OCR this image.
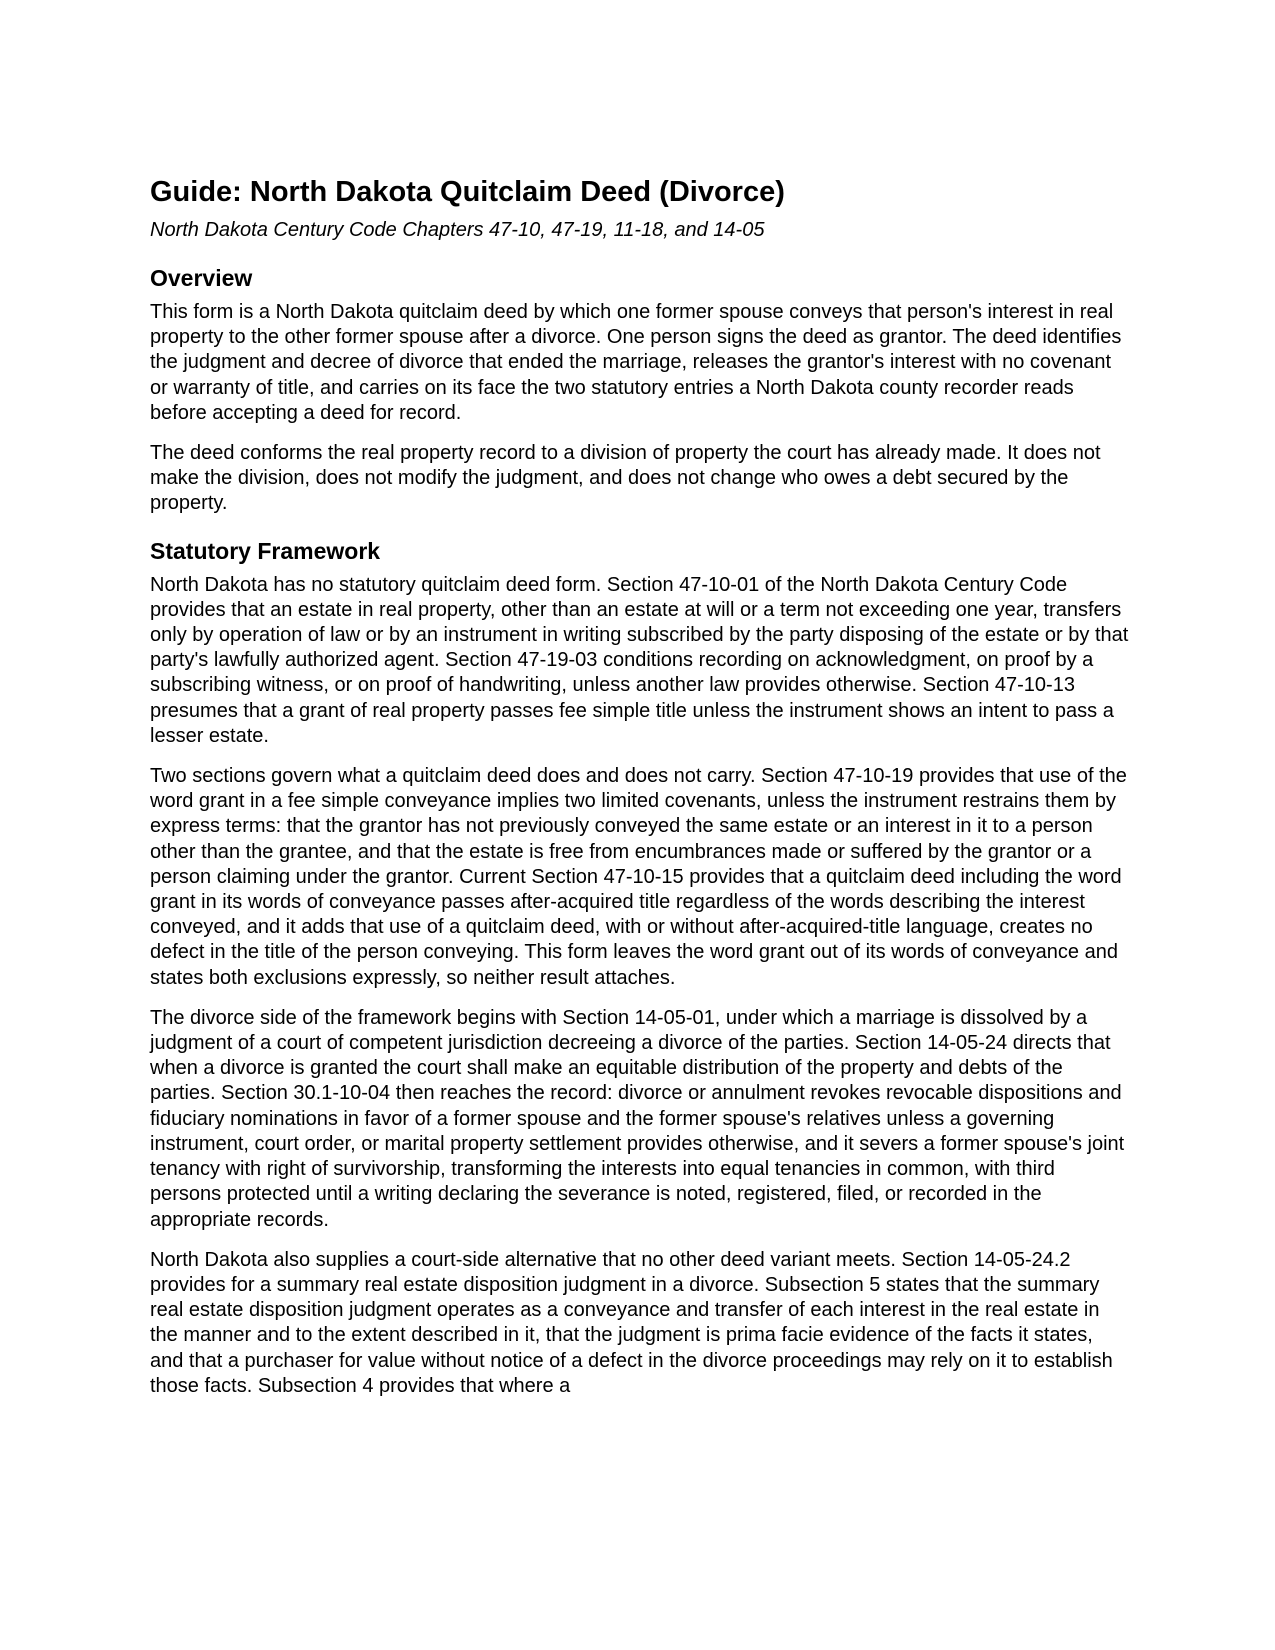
Guide: North Dakota Quitclaim Deed (Divorce)
North Dakota Century Code Chapters 47-10, 47-19, 11-18, and 14-05
Overview

This form is a North Dakota quitclaim deed by which one former spouse conveys that person's interest in real property to the other former spouse after a divorce. One person signs the deed as grantor. The deed identifies the judgment and decree of divorce that ended the marriage, releases the grantor's interest with no covenant or warranty of title, and carries on its face the two statutory entries a North Dakota county recorder reads before accepting a deed for record.

The deed conforms the real property record to a division of property the court has already made. It does not make the division, does not modify the judgment, and does not change who owes a debt secured by the property.

Statutory Framework

North Dakota has no statutory quitclaim deed form. Section 47-10-01 of the North Dakota Century Code provides that an estate in real property, other than an estate at will or a term not exceeding one year, transfers only by operation of law or by an instrument in writing subscribed by the party disposing of the estate or by that party's lawfully authorized agent. Section 47-19-03 conditions recording on acknowledgment, on proof by a subscribing witness, or on proof of handwriting, unless another law provides otherwise. Section 47-10-13 presumes that a grant of real property passes fee simple title unless the instrument shows an intent to pass a lesser estate.

Two sections govern what a quitclaim deed does and does not carry. Section 47-10-19 provides that use of the word grant in a fee simple conveyance implies two limited covenants, unless the instrument restrains them by express terms: that the grantor has not previously conveyed the same estate or an interest in it to a person other than the grantee, and that the estate is free from encumbrances made or suffered by the grantor or a person claiming under the grantor. Current Section 47-10-15 provides that a quitclaim deed including the word grant in its words of conveyance passes after-acquired title regardless of the words describing the interest conveyed, and it adds that use of a quitclaim deed, with or without after-acquired-title language, creates no defect in the title of the person conveying. This form leaves the word grant out of its words of conveyance and states both exclusions expressly, so neither result attaches.

The divorce side of the framework begins with Section 14-05-01, under which a marriage is dissolved by a judgment of a court of competent jurisdiction decreeing a divorce of the parties. Section 14-05-24 directs that when a divorce is granted the court shall make an equitable distribution of the property and debts of the parties. Section 30.1-10-04 then reaches the record: divorce or annulment revokes revocable dispositions and fiduciary nominations in favor of a former spouse and the former spouse's relatives unless a governing instrument, court order, or marital property settlement provides otherwise, and it severs a former spouse's joint tenancy with right of survivorship, transforming the interests into equal tenancies in common, with third persons protected until a writing declaring the severance is noted, registered, filed, or recorded in the appropriate records.

North Dakota also supplies a court-side alternative that no other deed variant meets. Section 14-05-24.2 provides for a summary real estate disposition judgment in a divorce. Subsection 5 states that the summary real estate disposition judgment operates as a conveyance and transfer of each interest in the real estate in the manner and to the extent described in it, that the judgment is prima facie evidence of the facts it states, and that a purchaser for value without notice of a defect in the divorce proceedings may rely on it to establish those facts. Subsection 4 provides that where a
